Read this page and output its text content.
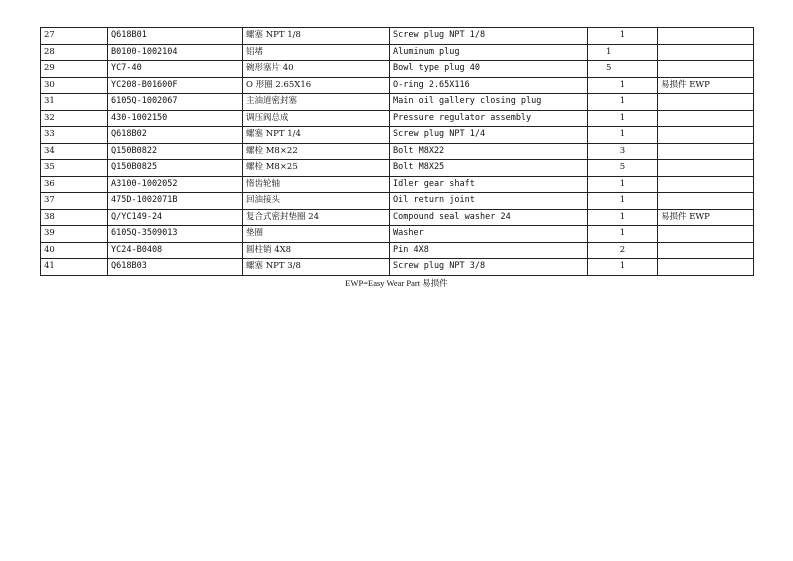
27	Q618B01	螺塞 NPT 1/8	Screw plug NPT 1/8	1	
28	B0100-1002104	铝堵	Aluminum plug	1	
29	YC7-40	碗形塞片 40	Bowl type plug 40	5	
30	YC208-B01600F	O 形圈 2.65X16	O-ring 2.65X116	1	易损件 EWP
31	6105Q-1002067	主油道密封塞	Main oil gallery closing plug	1	
32	430-1002150	调压阀总成	Pressure regulator assembly	1	
33	Q618B02	螺塞 NPT 1/4	Screw plug NPT 1/4	1	
34	Q150B0822	螺栓 M8×22	Bolt M8X22	3	
35	Q150B0825	螺栓 M8×25	Bolt M8X25	5	
36	A3100-1002052	惰齿轮轴	Idler gear shaft	1	
37	475D-1002071B	回油接头	Oil return joint	1	
38	Q/YC149-24	复合式密封垫圈 24	Compound seal washer 24	1	易损件 EWP
39	6105Q-3509013	垫圈	Washer	1	
40	YC24-B0408	圆柱销 4X8	Pin 4X8	2	
41	Q618B03	螺塞 NPT 3/8	Screw plug NPT 3/8	1	
EWP=Easy Wear Part 易损件
